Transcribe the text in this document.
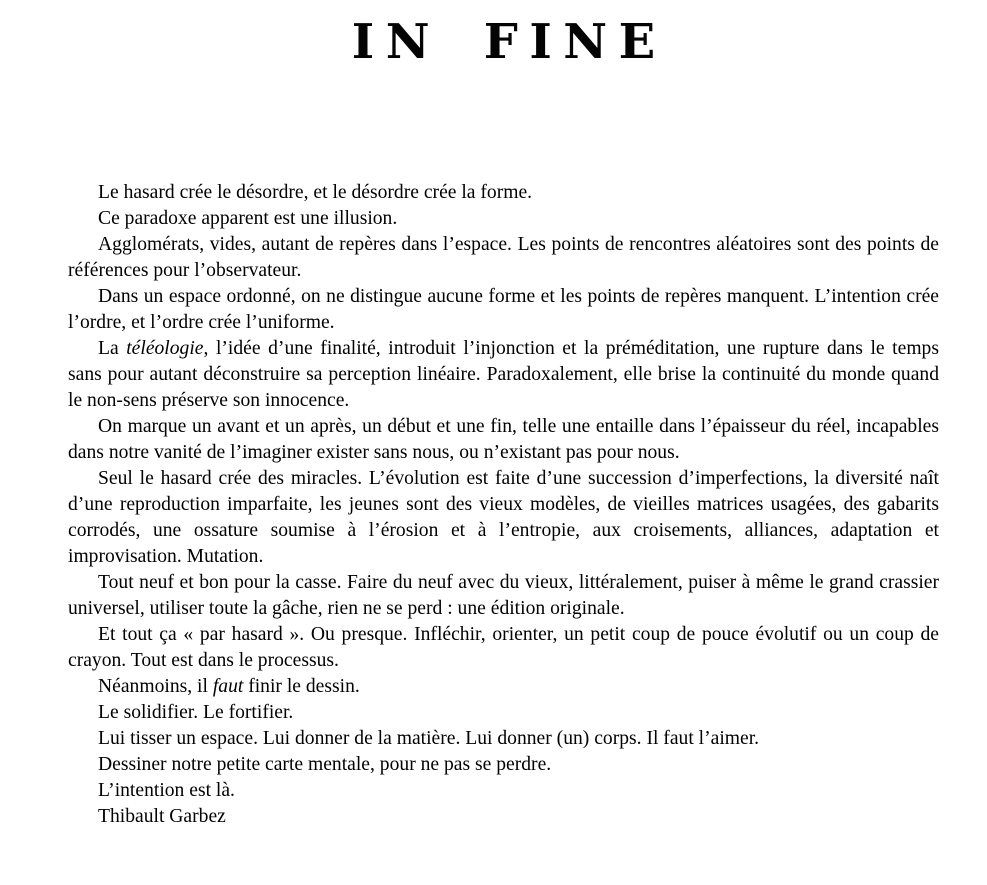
IN FINE

Le hasard crée le désordre, et le désordre crée la forme.

Ce paradoxe apparent est une illusion.

Agglomérats, vides, autant de repères dans l’espace. Les points de rencontres aléatoires sont des points de références pour l’observateur.

Dans un espace ordonné, on ne distingue aucune forme et les points de repères manquent. L’intention crée l’ordre, et l’ordre crée l’uniforme.

La téléologie, l’idée d’une finalité, introduit l’injonction et la préméditation, une rupture dans le temps sans pour autant déconstruire sa perception linéaire. Paradoxalement, elle brise la continuité du monde quand le non-sens préserve son innocence.

On marque un avant et un après, un début et une fin, telle une entaille dans l’épaisseur du réel, incapables dans notre vanité de l’imaginer exister sans nous, ou n’existant pas pour nous.

Seul le hasard crée des miracles. L’évolution est faite d’une succession d’imperfections, la diversité naît d’une reproduction imparfaite, les jeunes sont des vieux modèles, de vieilles matrices usagées, des gabarits corrodés, une ossature soumise à l’érosion et à l’entropie, aux croisements, alliances, adaptation et improvisation. Mutation.

Tout neuf et bon pour la casse. Faire du neuf avec du vieux, littéralement, puiser à même le grand crassier universel, utiliser toute la gâche, rien ne se perd : une édition originale.

Et tout ça « par hasard ». Ou presque. Infléchir, orienter, un petit coup de pouce évolutif ou un coup de crayon. Tout est dans le processus.

Néanmoins, il faut finir le dessin.

Le solidifier. Le fortifier.

Lui tisser un espace. Lui donner de la matière. Lui donner (un) corps. Il faut l’aimer.

Dessiner notre petite carte mentale, pour ne pas se perdre.

L’intention est là.

Thibault Garbez
